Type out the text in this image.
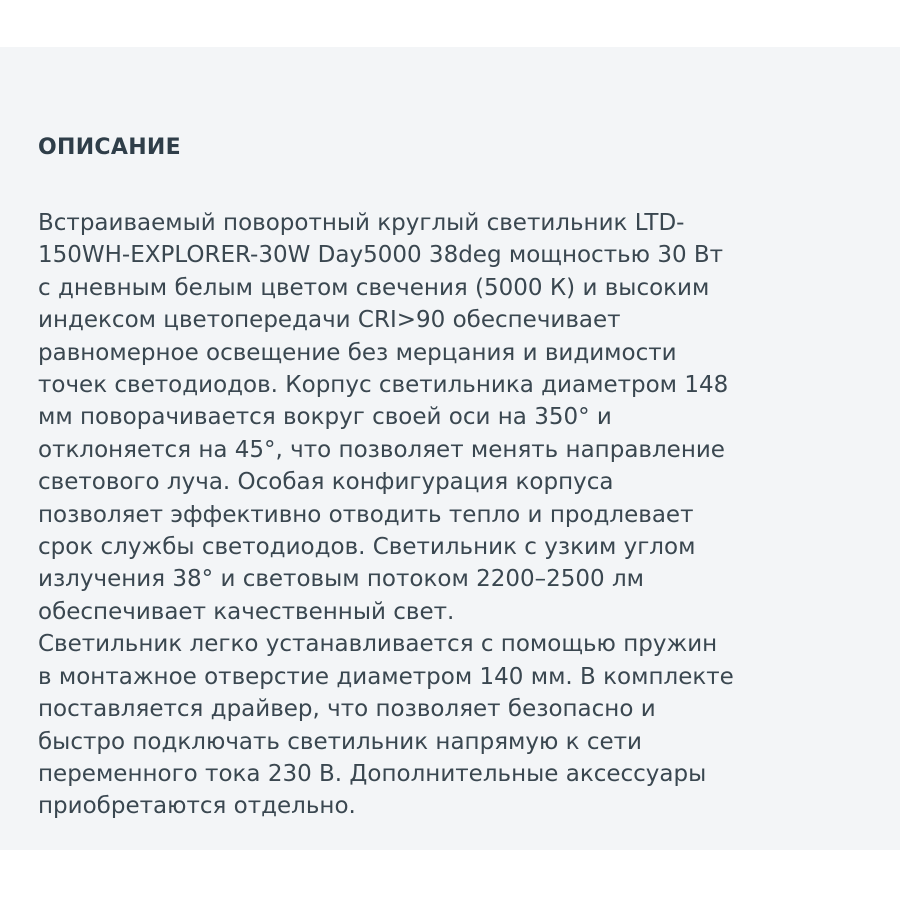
ОПИСАНИЕ
Встраиваемый поворотный круглый светильник LTD-
150WH-EXPLORER-30W Day5000 38deg мощностью 30 Вт
с дневным белым цветом свечения (5000 К) и высоким
индексом цветопередачи CRI>90 обеспечивает
равномерное освещение без мерцания и видимости
точек светодиодов. Корпус светильника диаметром 148
мм поворачивается вокруг своей оси на 350° и
отклоняется на 45°, что позволяет менять направление
светового луча. Особая конфигурация корпуса
позволяет эффективно отводить тепло и продлевает
срок службы светодиодов. Светильник с узким углом
излучения 38° и световым потоком 2200–2500 лм
обеспечивает качественный свет.
Светильник легко устанавливается с помощью пружин
в монтажное отверстие диаметром 140 мм. В комплекте
поставляется драйвер, что позволяет безопасно и
быстро подключать светильник напрямую к сети
переменного тока 230 В. Дополнительные аксессуары
приобретаются отдельно.
